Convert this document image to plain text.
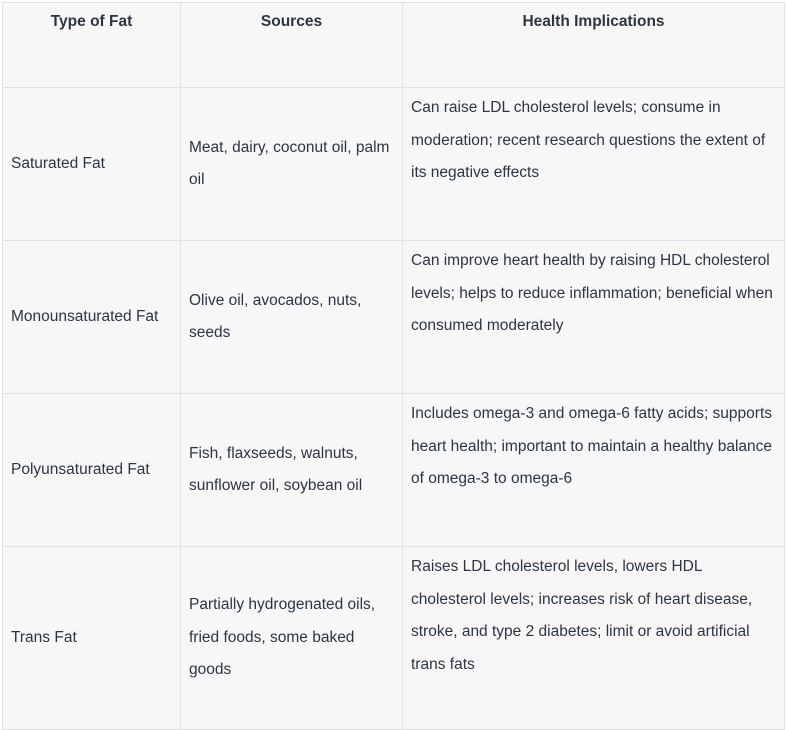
Type of Fat	Sources	Health Implications
Saturated Fat	Meat, dairy, coconut oil, palm oil	Can raise LDL cholesterol levels; consume in moderation; recent research questions the extent of its negative effects
Monounsaturated Fat	Olive oil, avocados, nuts, seeds	Can improve heart health by raising HDL cholesterol levels; helps to reduce inflammation; beneficial when consumed moderately
Polyunsaturated Fat	Fish, flaxseeds, walnuts, sunflower oil, soybean oil	Includes omega-3 and omega-6 fatty acids; supports heart health; important to maintain a healthy balance of omega-3 to omega-6
Trans Fat	Partially hydrogenated oils, fried foods, some baked goods	Raises LDL cholesterol levels, lowers HDL cholesterol levels; increases risk of heart disease, stroke, and type 2 diabetes; limit or avoid artificial trans fats
